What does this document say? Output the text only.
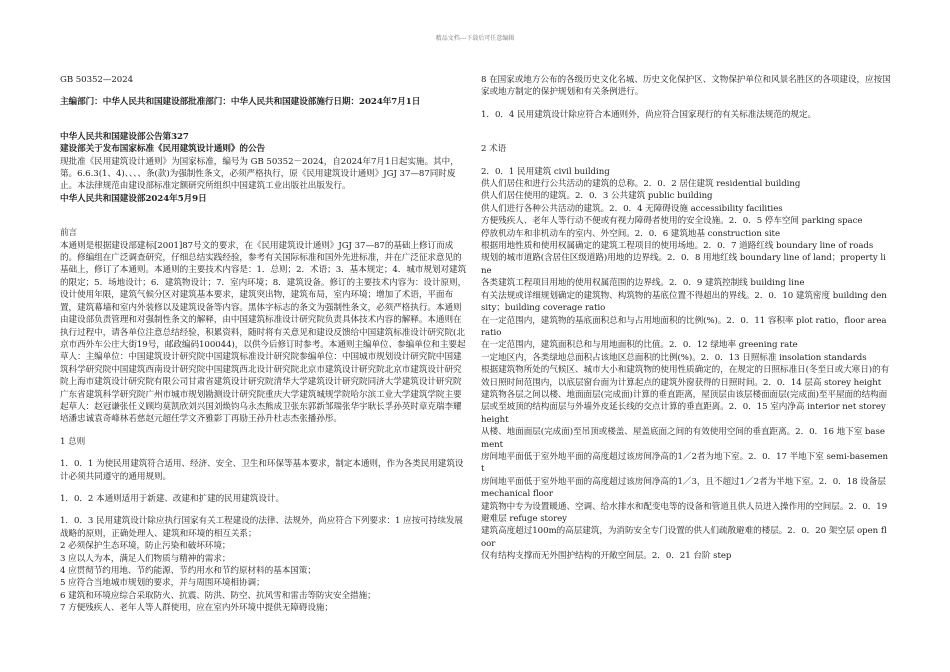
精品文档---下载后可任意编辑

GB 50352—2024

主编部门：中华人民共和国建设部批准部门：中华人民共和国建设部施行日期：2024年7月1日

中华人民共和国建设部公告第327

建设部关于发布国家标准《民用建筑设计通则》的公告

现批准《民用建筑设计通则》为国家标准，编号为 GB 50352－2024，自2024年7月1日起实施。其中，第。6.6.3(1、4)、、、、条(款)为强制性条文，必须严格执行，原《民用建筑设计通则》JGJ 37—87同时废止。本法律规范由建设部标准定额研究所组织中国建筑工业出版社出版发行。

中华人民共和国建设部2024年5月9日

前言

本通则是根据建设部建标[2001]87号文的要求，在《民用建筑设计通则》JGJ 37—87的基础上修订而成的。修编组在广泛调查研究，仔细总结实践经验，参考有关国际标准和国外先进标准，并在广泛征求意见的基础上，修订了本通则。本通则的主要技术内容是：1．总则；2．术语；3．基本规定；4．城市规划对建筑的限定；5．场地设计；6．建筑物设计；7．室内环境；8．建筑设备。修订的主要技术内容为：设计原则，设计使用年限，建筑气候分区对建筑基本要求，建筑突出物，建筑布局，室内环境；增加了术语，平面布置，建筑幕墙和室内外装修以及建筑设备等内容。黑体字标志的条文为强制性条文，必须严格执行。本通则由建设部负责管理和对强制性条文的解释，由中国建筑标准设计研究院负责具体技术内容的解释。本通则在执行过程中，请各单位注意总结经验，积累资料，随时将有关意见和建设反馈给中国建筑标准设计研究院(北京市西外车公庄大街19号，邮政编码100044)，以供今后修订时参考。本通则主编单位、参编单位和主要起草人：主编单位：中国建筑设计研究院中国建筑标准设计研究院参编单位：中国城市规划设计研究院中国建筑科学研究院中国建筑西南设计研究院中国建筑西北设计研究院北京市建筑设计研究院北京市建筑设计研究院上海市建筑设计研究院有限公司甘肃省建筑设计研究院清华大学建筑设计研究院同济大学建筑设计研究院广东省建筑科学研究院广州市城市规划勘测设计研究院重庆大学建筑城规学院哈尔滨工业大学建筑学院主要起草人：赵冠谦张任义顾均莫凯欣刘兴国刘焕钧乌永杰熊成卫张东郭新邹瑞张华宇耿长孚孙英时章克瑞李耀培潘忠诚袁奇峰林若慈赵元超任学文齐雅影丁再励王孙升杜志杰张播孙彤。

1 总则

1．0．1 为使民用建筑符合适用、经济、安全、卫生和环保等基本要求，制定本通则，作为各类民用建筑设计必须共同遵守的通用规则。

1．0．2 本通则适用于新建、改建和扩建的民用建筑设计。

1．0．3 民用建筑设计除应执行国家有关工程建设的法律、法规外，尚应符合下列要求：1 应按可持续发展战略的原则，正确处理人、建筑和环境的相互关系；

2 必须保护生态环境，防止污染和破坏环境；

3 应以人为本，满足人们物质与精神的需求；

4 应贯彻节约用地、节约能源、节约用水和节约原材料的基本国策；

5 应符合当地城市规划的要求，并与周围环境相协调；

6 建筑和环境应综合采取防火、抗震、防洪、防空、抗风雪和雷击等防灾安全措施；

7 方便残疾人、老年人等人群使用，应在室内外环境中提供无障碍设施；

8 在国家或地方公布的各级历史文化名城、历史文化保护区、文物保护单位和风景名胜区的各项建设，应按国家或地方制定的保护规划和有关条例进行。

1．0．4 民用建筑设计除应符合本通则外，尚应符合国家现行的有关标准法规范的规定。

2 术语

2．0．1 民用建筑 civil building

供人们居住和进行公共活动的建筑的总称。2．0．2 居住建筑 residential building

供人们居住使用的建筑。2．0．3 公共建筑 public building

供人们进行各种公共活动的建筑。2．0．4 无障碍设施 accessibility facilities

方便残疾人、老年人等行动不便或有视力障碍者使用的安全设施。2．0．5 停车空间 parking space

停放机动车和非机动车的室内、外空间。2．0．6 建筑地基 construction site

根据用地性质和使用权属确定的建筑工程项目的使用场地。2．0．7 道路红线 boundary line of roads

规划的城市道路(含居住区级道路)用地的边界线。2．0．8 用地红线 boundary line of land；property line

各类建筑工程项目用地的使用权属范围的边界线。2．0．9 建筑控制线 building line

有关法规或详细规划确定的建筑物、构筑物的基底位置不得超出的界线。2．0．10 建筑密度 building density；building coverage ratio

在一定范围内，建筑物的基底面积总和与占用地面积的比例(%)。2．0．11 容积率 plot ratio，floor area ratio

在一定范围内，建筑面积总和与用地面积的比值。2．0．12 绿地率 greening rate

一定地区内，各类绿地总面积占该地区总面积的比例(%)。2．0．13 日照标准 insolation standards

根据建筑物所处的气候区、城市大小和建筑物的使用性质确定的，在规定的日照标准日(冬至日或大寒日)的有效日照时间范围内，以底层窗台面为计算起点的建筑外窗获得的日照时间。2．0．14 层高 storey height

建筑物各层之间以楼、地面面层(完成面)计算的垂直距离，屋顶层由该层楼面面层(完成面)至平屋面的结构面层或至坡顶的结构面层与外墙外皮延长线的交点计算的垂直距离。2．0．15 室内净高 interior net storey height

从楼、地面面层(完成面)至吊顶或楼盖、屋盖底面之间的有效使用空间的垂直距离。2．0．16 地下室 basement

房间地平面低于室外地平面的高度超过该房间净高的1／2者为地下室。2．0．17 半地下室 semi-basement

房间地平面低于室外地平面的高度超过该房间净高的1／3，且不超过1／2者为半地下室。2．0．18 设备层 mechanical floor

建筑物中专为设置暖通、空调、给水排水和配变电等的设备和管道且供人员进入操作用的空间层。2．0．19 避难层 refuge storey

建筑高度超过100m的高层建筑，为消防安全专门设置的供人们疏散避难的楼层。2．0．20 架空层 open floor

仅有结构支撑而无外围护结构的开敞空间层。2．0．21 台阶 step
